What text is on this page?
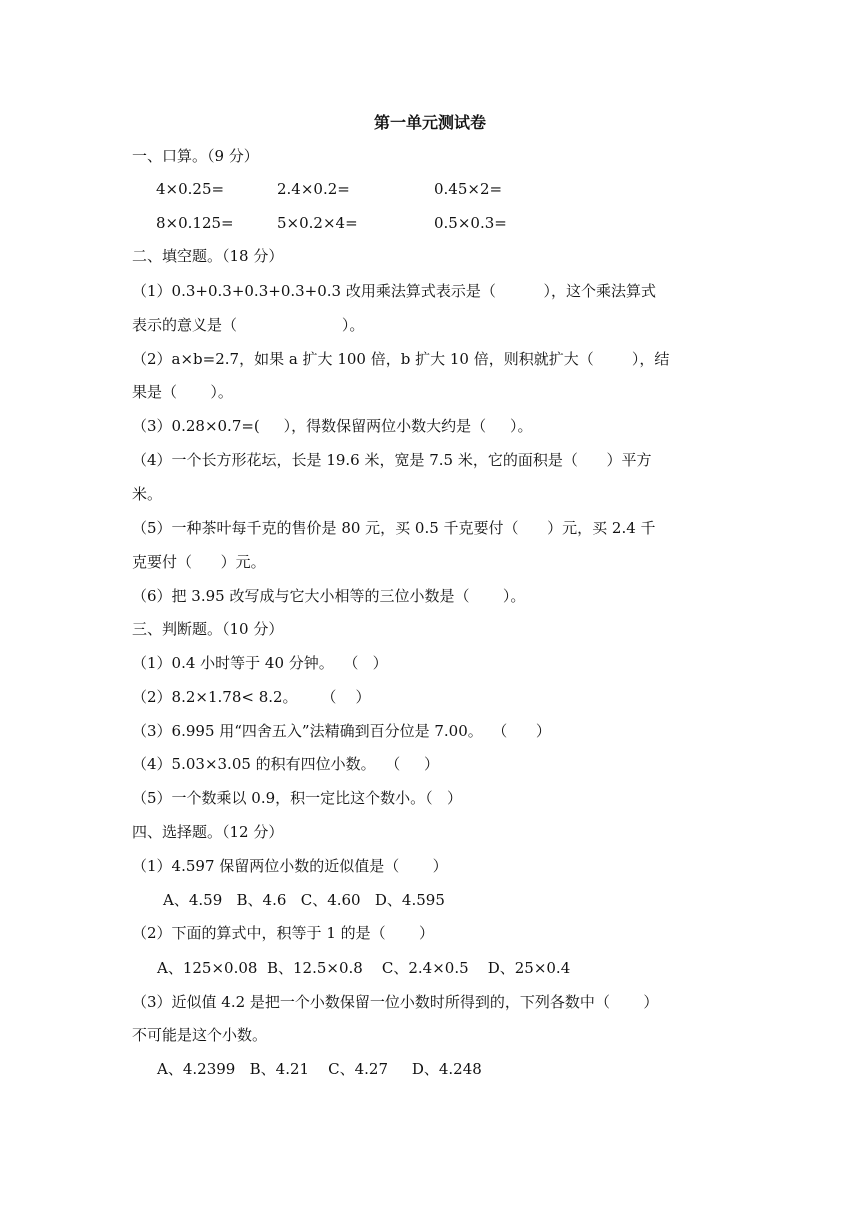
第一单元测试卷
一、口算。（9 分）
4×0.25=	2.4×0.2=	0.45×2=
8×0.125=	5×0.2×4=	0.5×0.3=
二、填空题。（18 分）
（1）0.3+0.3+0.3+0.3+0.3 改用乘法算式表示是（          ），这个乘法算式
表示的意义是（                      ）。
（2）a×b=2.7，如果 a 扩大 100 倍，b 扩大 10 倍，则积就扩大（        ），结
果是（       ）。
（3）0.28×0.7=(     ），得数保留两位小数大约是（     ）。
（4）一个长方形花坛，长是 19.6 米，宽是 7.5 米，它的面积是（      ）平方
米。
（5）一种茶叶每千克的售价是 80 元，买 0.5 千克要付（      ）元，买 2.4 千
克要付（      ）元。
（6）把 3.95 改写成与它大小相等的三位小数是（       ）。
三、判断题。（10 分）
（1）0.4 小时等于 40 分钟。  （   ）
（2）8.2×1.78< 8.2。     （    ）
（3）6.995 用“四舍五入”法精确到百分位是 7.00。  （      ）
（4）5.03×3.05 的积有四位小数。  （     ）
（5）一个数乘以 0.9，积一定比这个数小。（   ）
四、选择题。（12 分）
（1）4.597 保留两位小数的近似值是（       ）
A、4.59   B、4.6   C、4.60   D、4.595
（2）下面的算式中，积等于 1 的是（       ）
A、125×0.08  B、12.5×0.8    C、2.4×0.5    D、25×0.4
（3）近似值 4.2 是把一个小数保留一位小数时所得到的，下列各数中（       ）
不可能是这个小数。
A、4.2399   B、4.21    C、4.27     D、4.248
